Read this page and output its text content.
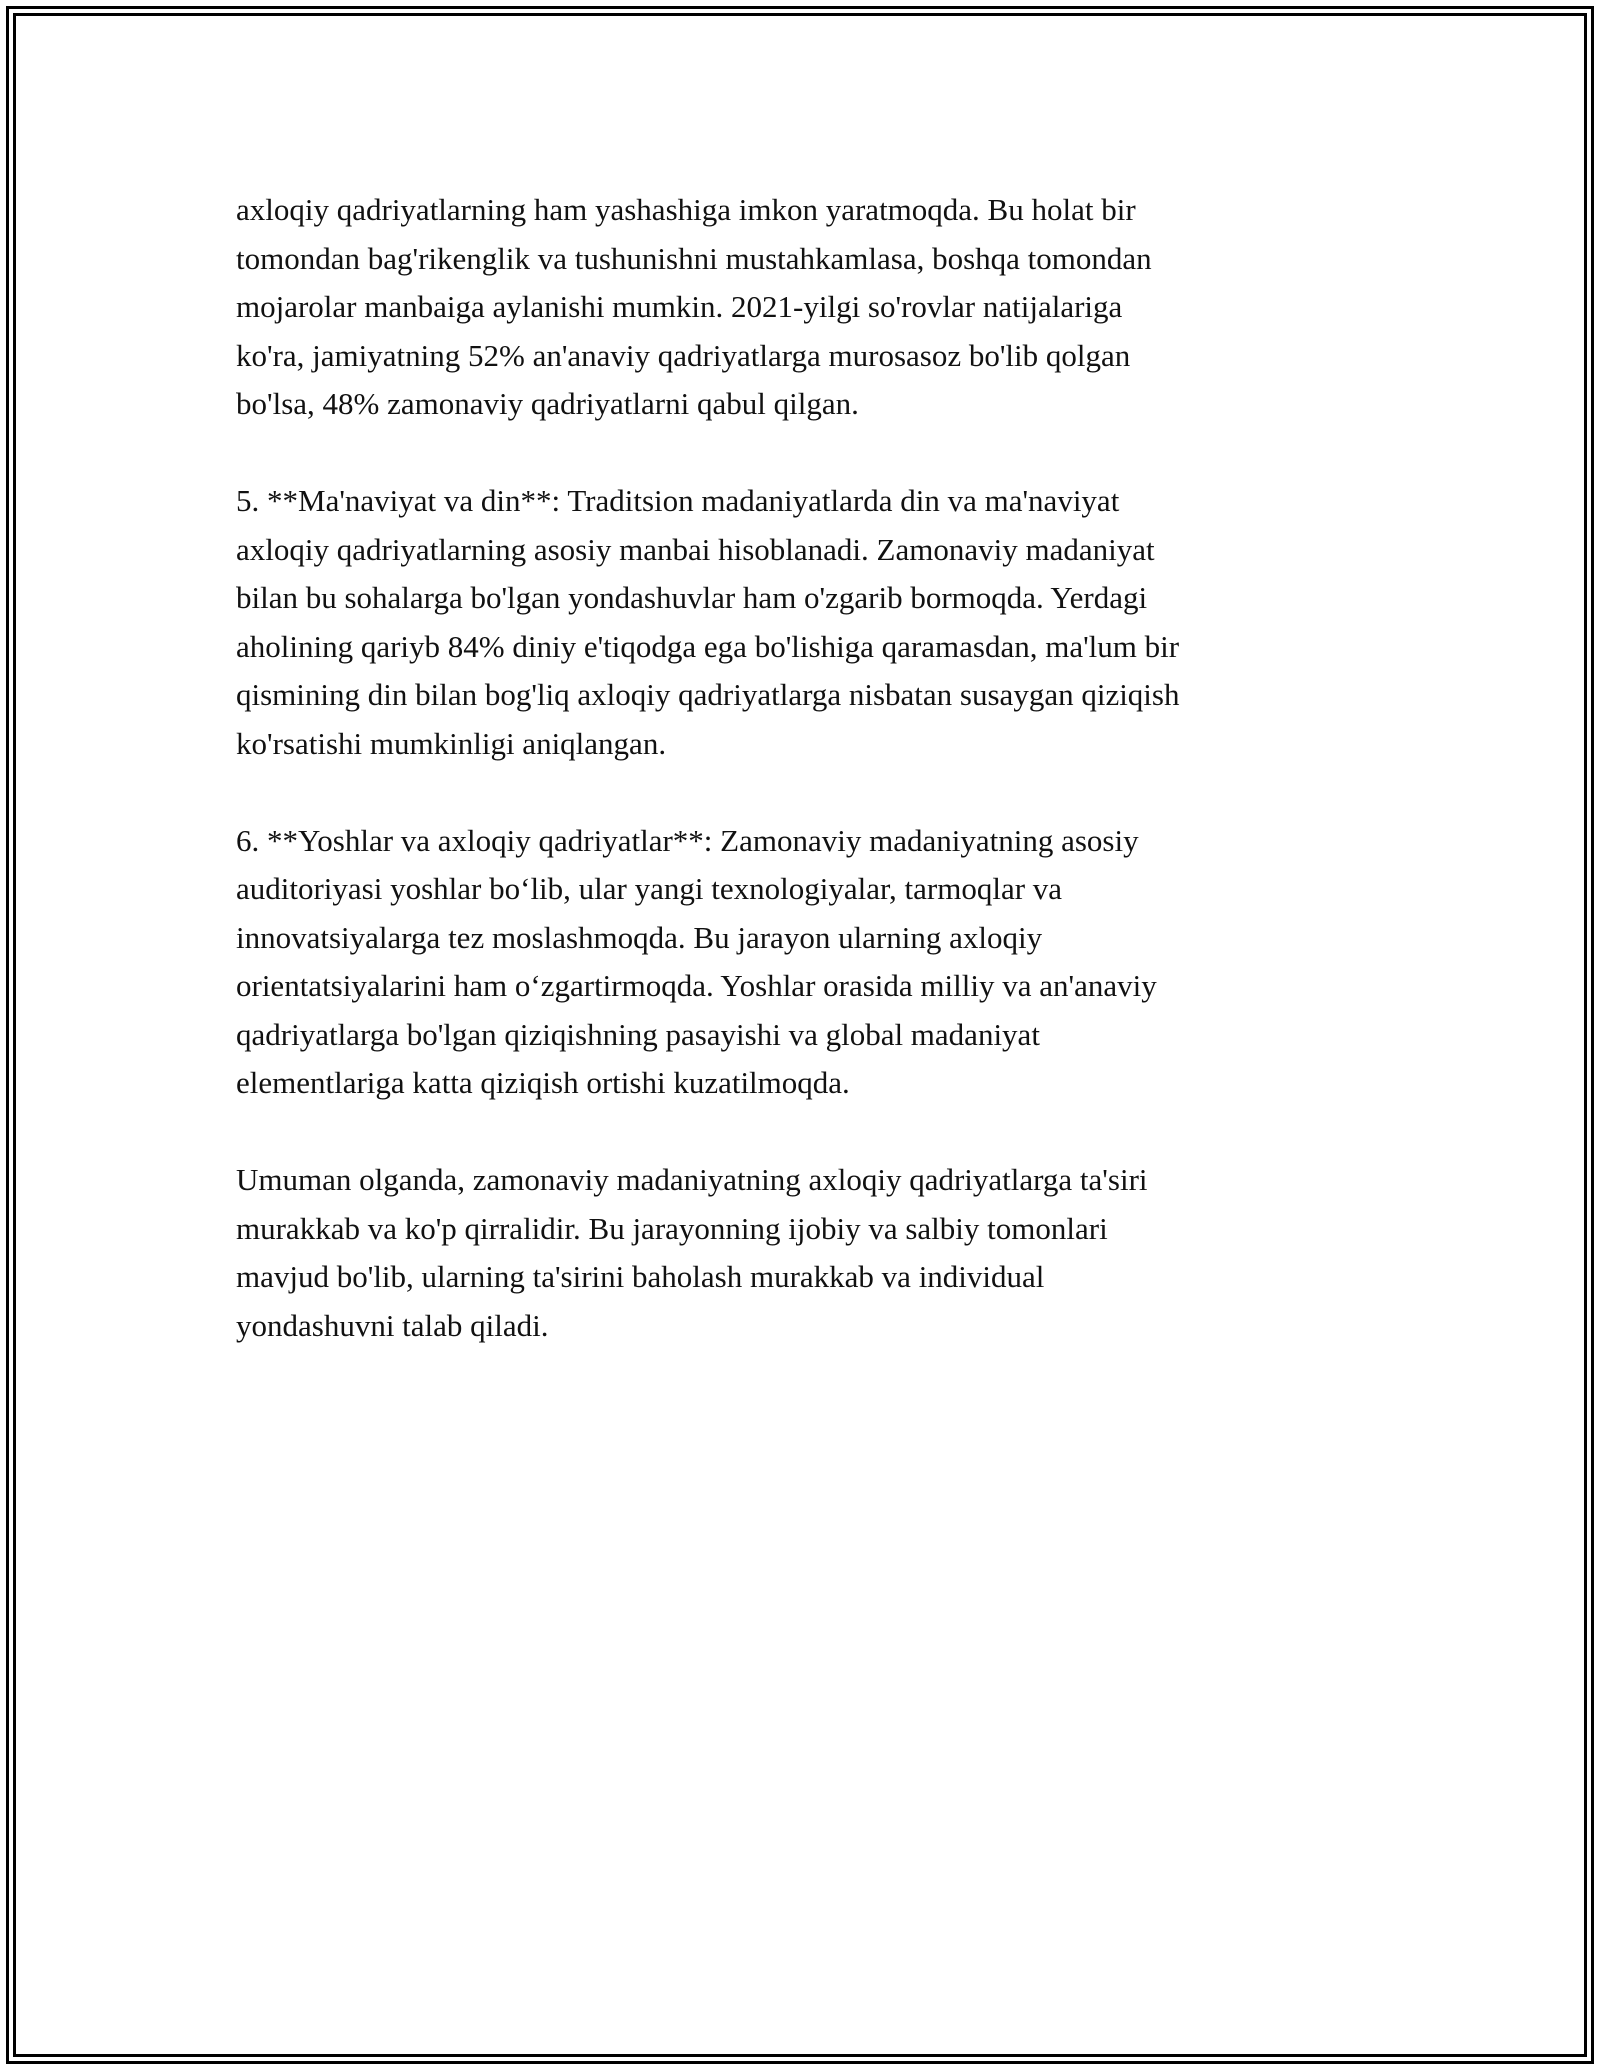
axloqiy qadriyatlarning ham yashashiga imkon yaratmoqda. Bu holat bir
tomondan bag'rikenglik va tushunishni mustahkamlasa, boshqa tomondan
mojarolar manbaiga aylanishi mumkin. 2021-yilgi so'rovlar natijalariga
ko'ra, jamiyatning 52% an'anaviy qadriyatlarga murosasoz bo'lib qolgan
bo'lsa, 48% zamonaviy qadriyatlarni qabul qilgan.

5. **Ma'naviyat va din**: Traditsion madaniyatlarda din va ma'naviyat
axloqiy qadriyatlarning asosiy manbai hisoblanadi. Zamonaviy madaniyat
bilan bu sohalarga bo'lgan yondashuvlar ham o'zgarib bormoqda. Yerdagi
aholining qariyb 84% diniy e'tiqodga ega bo'lishiga qaramasdan, ma'lum bir
qismining din bilan bog'liq axloqiy qadriyatlarga nisbatan susaygan qiziqish
ko'rsatishi mumkinligi aniqlangan.

6. **Yoshlar va axloqiy qadriyatlar**: Zamonaviy madaniyatning asosiy
auditoriyasi yoshlar bo‘lib, ular yangi texnologiyalar, tarmoqlar va
innovatsiyalarga tez moslashmoqda. Bu jarayon ularning axloqiy
orientatsiyalarini ham o‘zgartirmoqda. Yoshlar orasida milliy va an'anaviy
qadriyatlarga bo'lgan qiziqishning pasayishi va global madaniyat
elementlariga katta qiziqish ortishi kuzatilmoqda.

Umuman olganda, zamonaviy madaniyatning axloqiy qadriyatlarga ta'siri
murakkab va ko'p qirralidir. Bu jarayonning ijobiy va salbiy tomonlari
mavjud bo'lib, ularning ta'sirini baholash murakkab va individual
yondashuvni talab qiladi.
